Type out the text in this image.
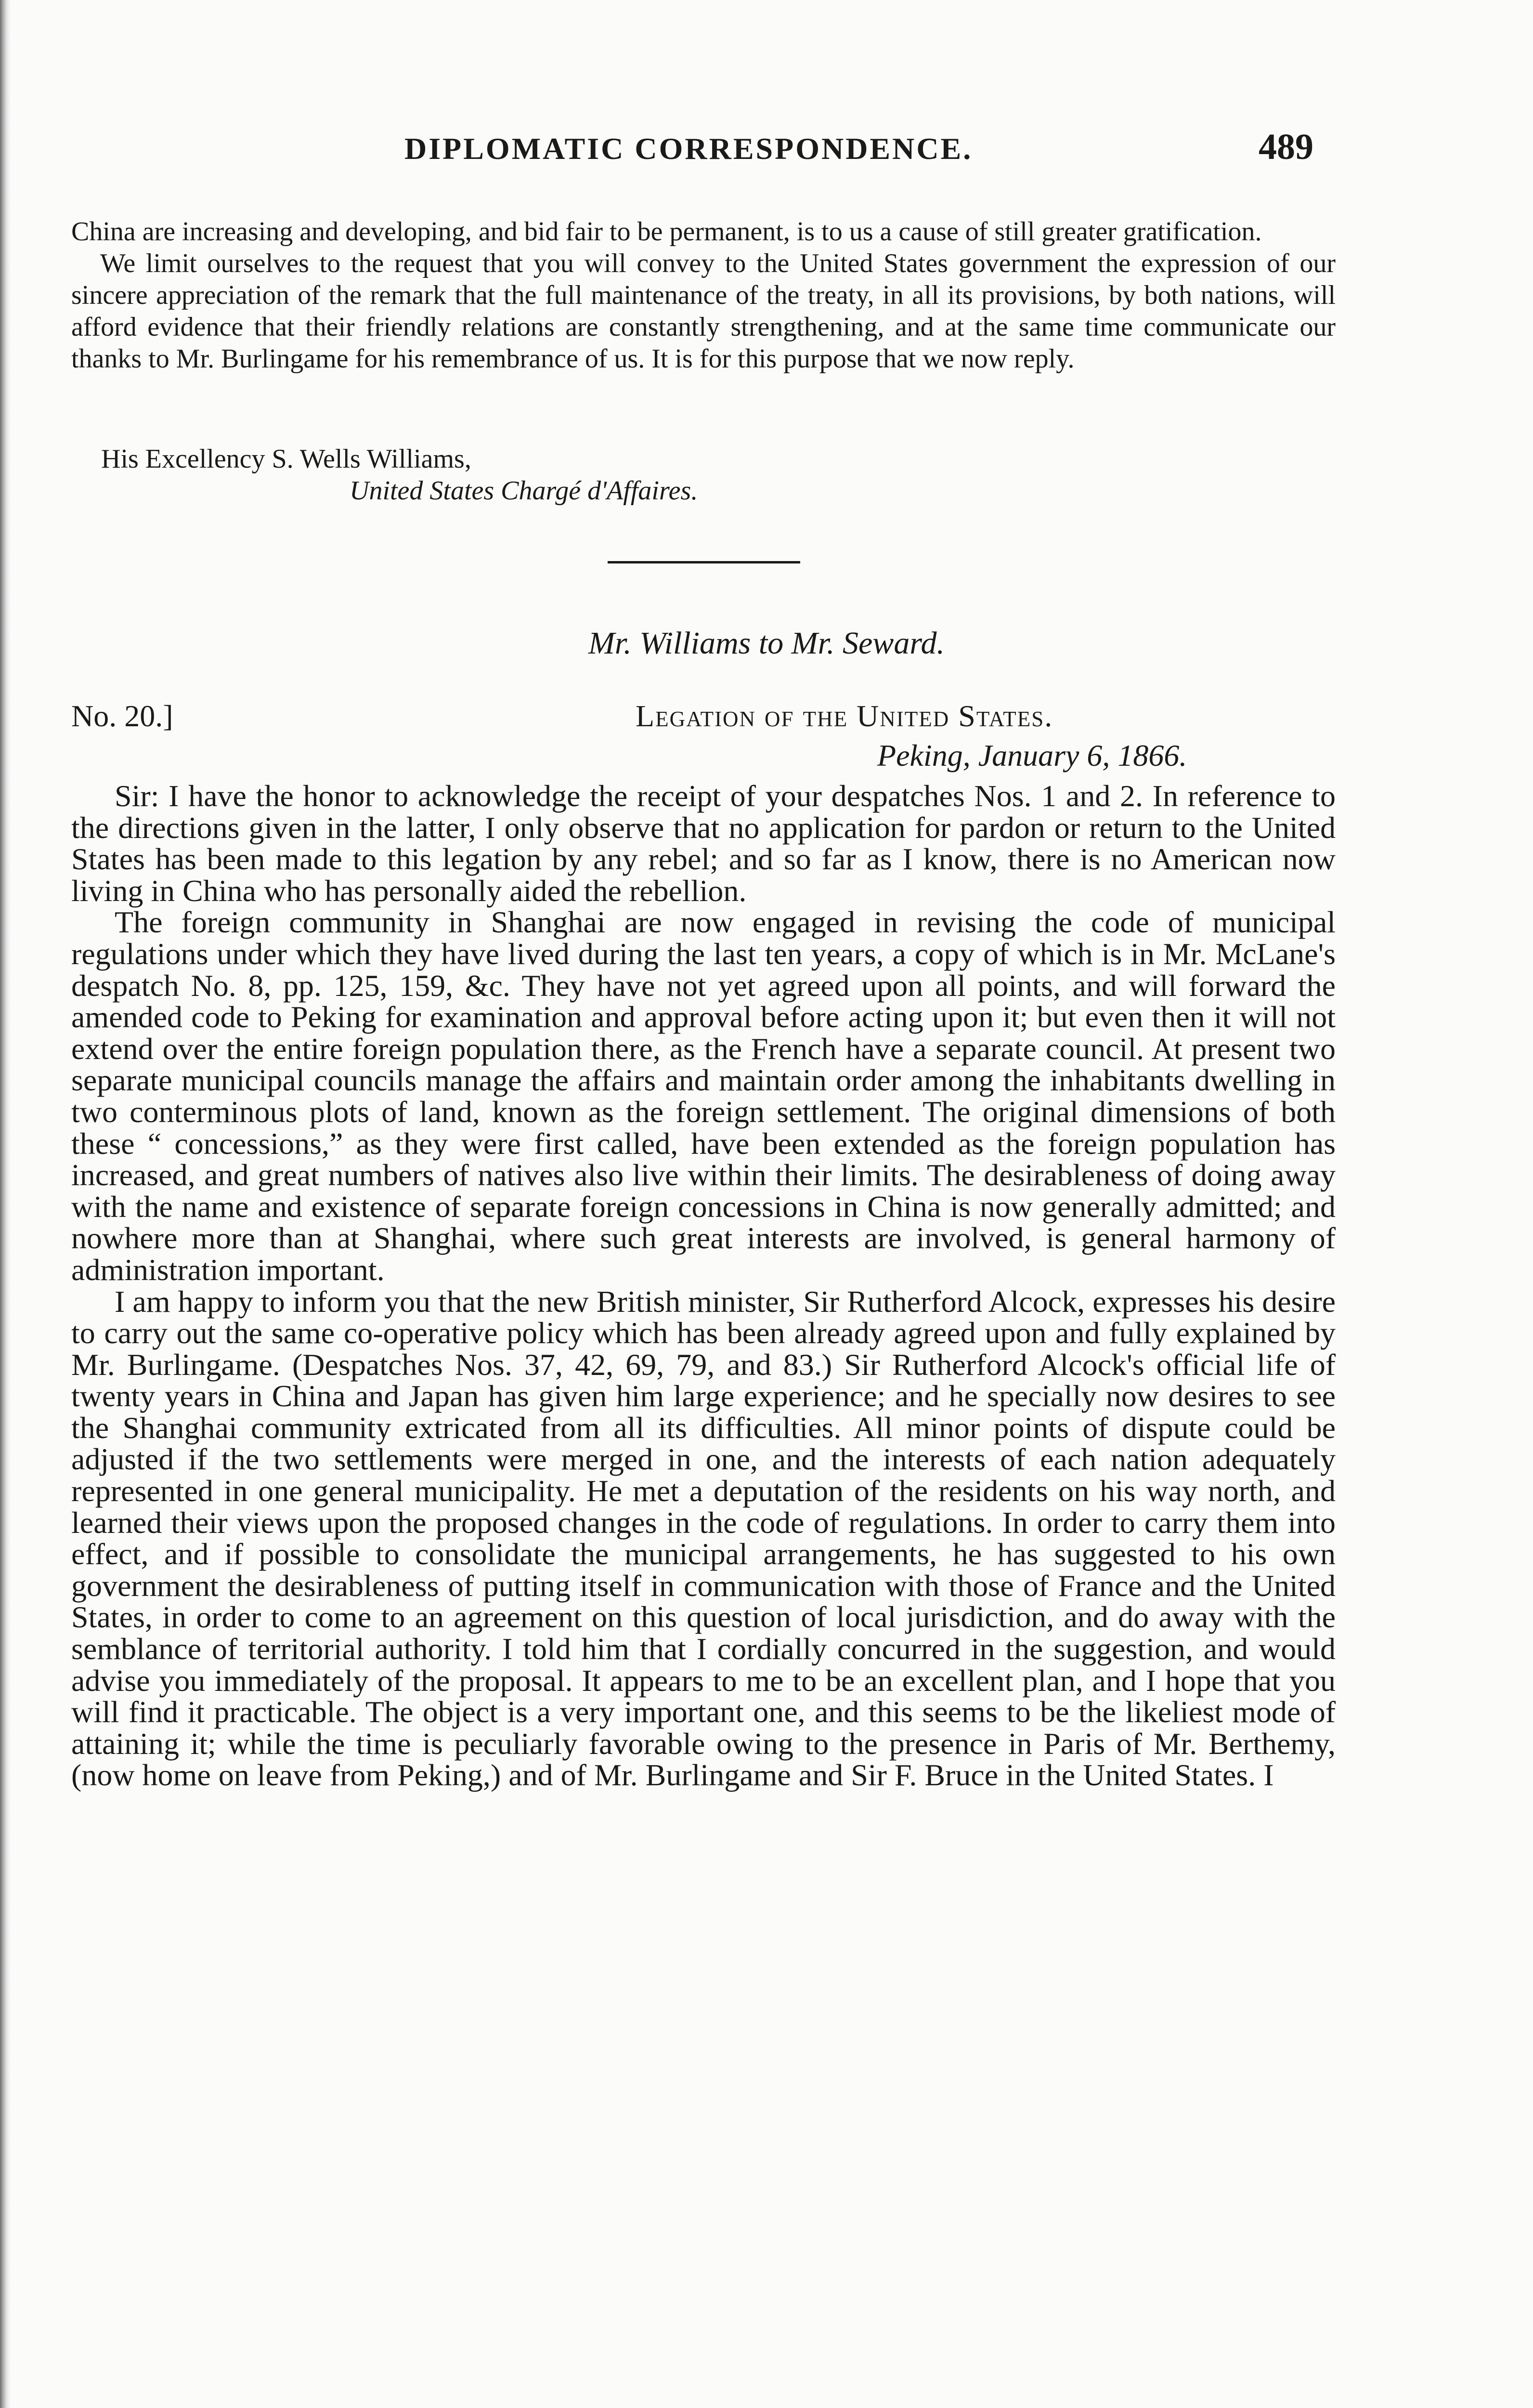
DIPLOMATIC CORRESPONDENCE.	489

China are increasing and developing, and bid fair to be permanent, is to us a cause of still greater gratification.

We limit ourselves to the request that you will convey to the United States government the expression of our sincere appreciation of the remark that the full maintenance of the treaty, in all its provisions, by both nations, will afford evidence that their friendly relations are constantly strengthening, and at the same time communicate our thanks to Mr. Burlingame for his remembrance of us. It is for this purpose that we now reply.

His Excellency S. Wells Williams,
United States Chargé d'Affaires.
Mr. Williams to Mr. Seward.
No. 20.]	Legation of the United States.
Peking, January 6, 1866.

Sir: I have the honor to acknowledge the receipt of your despatches Nos. 1 and 2. In reference to the directions given in the latter, I only observe that no application for pardon or return to the United States has been made to this legation by any rebel; and so far as I know, there is no American now living in China who has personally aided the rebellion.

The foreign community in Shanghai are now engaged in revising the code of municipal regulations under which they have lived during the last ten years, a copy of which is in Mr. McLane's despatch No. 8, pp. 125, 159, &c. They have not yet agreed upon all points, and will forward the amended code to Peking for examination and approval before acting upon it; but even then it will not extend over the entire foreign population there, as the French have a separate council. At present two separate municipal councils manage the affairs and maintain order among the inhabitants dwelling in two conterminous plots of land, known as the foreign settlement. The original dimensions of both these “ concessions,” as they were first called, have been extended as the foreign population has increased, and great numbers of natives also live within their limits. The desirableness of doing away with the name and existence of separate foreign concessions in China is now generally admitted; and nowhere more than at Shanghai, where such great interests are involved, is general harmony of administration important.

I am happy to inform you that the new British minister, Sir Rutherford Alcock, expresses his desire to carry out the same co-operative policy which has been already agreed upon and fully explained by Mr. Burlingame. (Despatches Nos. 37, 42, 69, 79, and 83.) Sir Rutherford Alcock's official life of twenty years in China and Japan has given him large experience; and he specially now desires to see the Shanghai community extricated from all its difficulties. All minor points of dispute could be adjusted if the two settlements were merged in one, and the interests of each nation adequately represented in one general municipality. He met a deputation of the residents on his way north, and learned their views upon the proposed changes in the code of regulations. In order to carry them into effect, and if possible to consolidate the municipal arrangements, he has suggested to his own government the desirableness of putting itself in communication with those of France and the United States, in order to come to an agreement on this question of local jurisdiction, and do away with the semblance of territorial authority. I told him that I cordially concurred in the suggestion, and would advise you immediately of the proposal. It appears to me to be an excellent plan, and I hope that you will find it practicable. The object is a very important one, and this seems to be the likeliest mode of attaining it; while the time is peculiarly favorable owing to the presence in Paris of Mr. Berthemy, (now home on leave from Peking,) and of Mr. Burlingame and Sir F. Bruce in the United States. I
